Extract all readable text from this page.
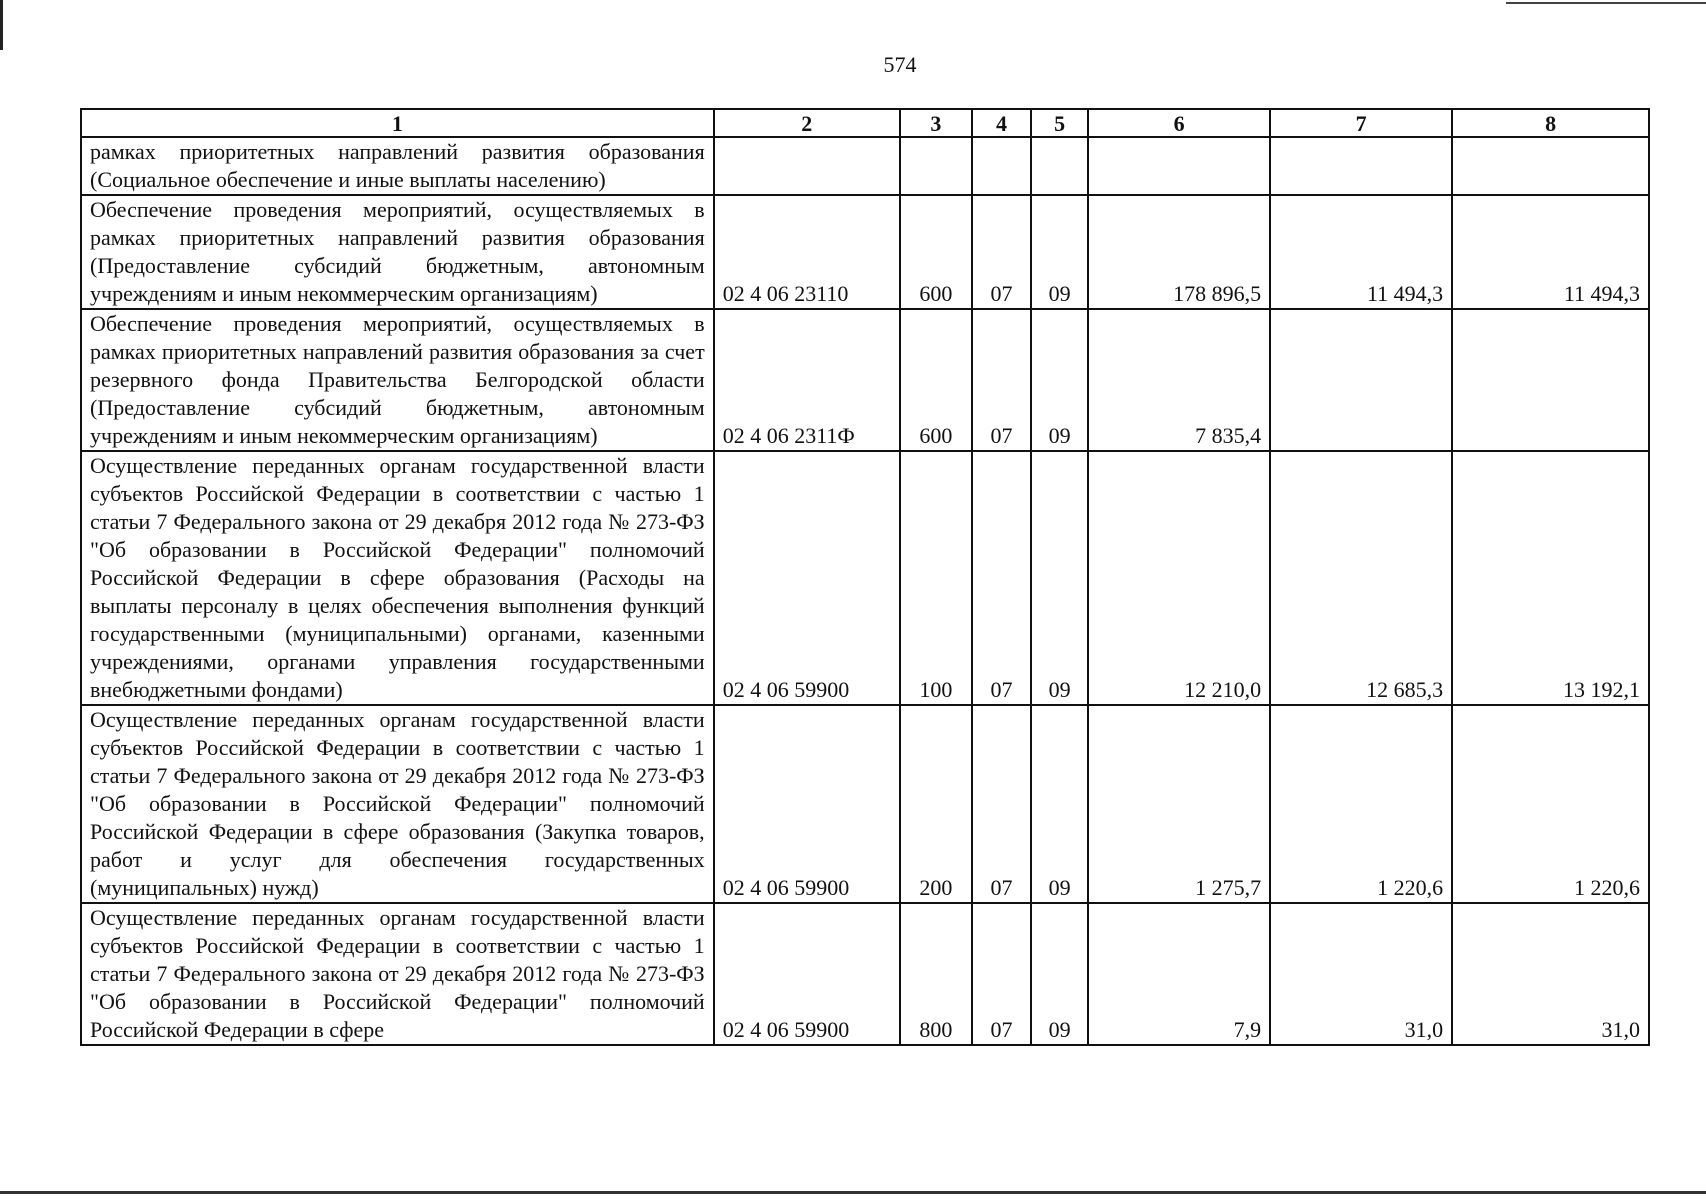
574
1	2	3	4	5	6	7	8
рамках приоритетных направлений развития образования (Социальное обеспечение и иные выплаты населению)							
Обеспечение проведения мероприятий, осуществляемых в рамках приоритетных направлений развития образования (Предоставление субсидий бюджетным, автономным учреждениям и иным некоммерческим организациям)	02 4 06 23110	600	07	09	178 896,5	11 494,3	11 494,3
Обеспечение проведения мероприятий, осуществляемых в рамках приоритетных направлений развития образования за счет резервного фонда Правительства Белгородской области (Предоставление субсидий бюджетным, автономным учреждениям и иным некоммерческим организациям)	02 4 06 2311Ф	600	07	09	7 835,4		
Осуществление переданных органам государственной власти субъектов Российской Федерации в соответствии с частью 1 статьи 7 Федерального закона от 29 декабря 2012 года № 273-ФЗ "Об образовании в Российской Федерации" полномочий Российской Федерации в сфере образования (Расходы на выплаты персоналу в целях обеспечения выполнения функций государственными (муниципальными) органами, казенными учреждениями, органами управления государственными внебюджетными фондами)	02 4 06 59900	100	07	09	12 210,0	12 685,3	13 192,1
Осуществление переданных органам государственной власти субъектов Российской Федерации в соответствии с частью 1 статьи 7 Федерального закона от 29 декабря 2012 года № 273-ФЗ "Об образовании в Российской Федерации" полномочий Российской Федерации в сфере образования (Закупка товаров, работ и услуг для обеспечения государственных (муниципальных) нужд)	02 4 06 59900	200	07	09	1 275,7	1 220,6	1 220,6
Осуществление переданных органам государственной власти субъектов Российской Федерации в соответствии с частью 1 статьи 7 Федерального закона от 29 декабря 2012 года № 273-ФЗ "Об образовании в Российской Федерации" полномочий Российской Федерации в сфере	02 4 06 59900	800	07	09	7,9	31,0	31,0
